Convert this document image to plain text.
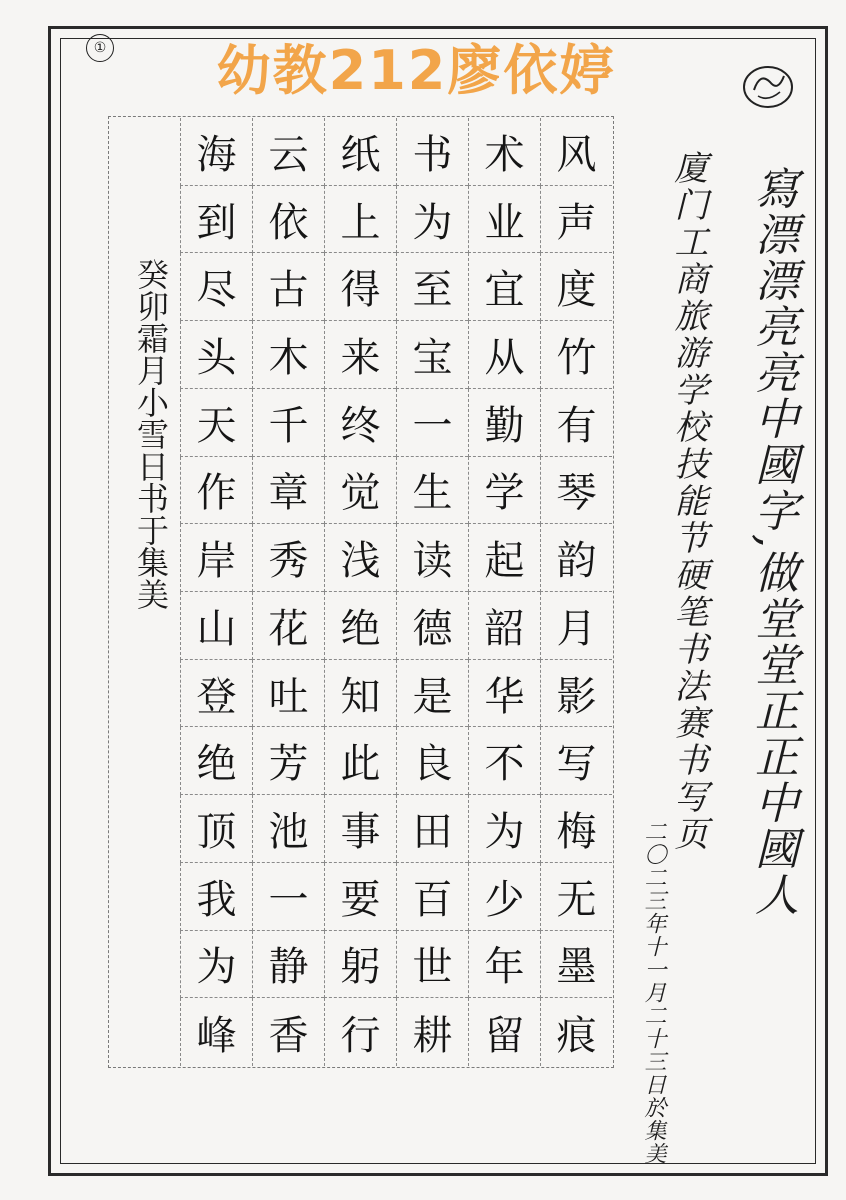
①	幼教212廖依婷
寫漂漂亮亮中國字,做堂堂正正中國人
廈门工商旅游学校技能节硬笔书法赛书写页
二〇二三年十一月二十三日於集美
癸卯霜月小雪日书于集美
海 云 纸 书 术 风
到 依 上 为 业 声
尽 古 得 至 宜 度
头 木 来 宝 从 竹
天 千 终 一 勤 有
作 章 觉 生 学 琴
岸 秀 浅 读 起 韵
山 花 绝 德 韶 月
登 吐 知 是 华 影
绝 芳 此 良 不 写
顶 池 事 田 为 梅
我 一 要 百 少 无
为 静 躬 世 年 墨
峰 香 行 耕 留 痕
